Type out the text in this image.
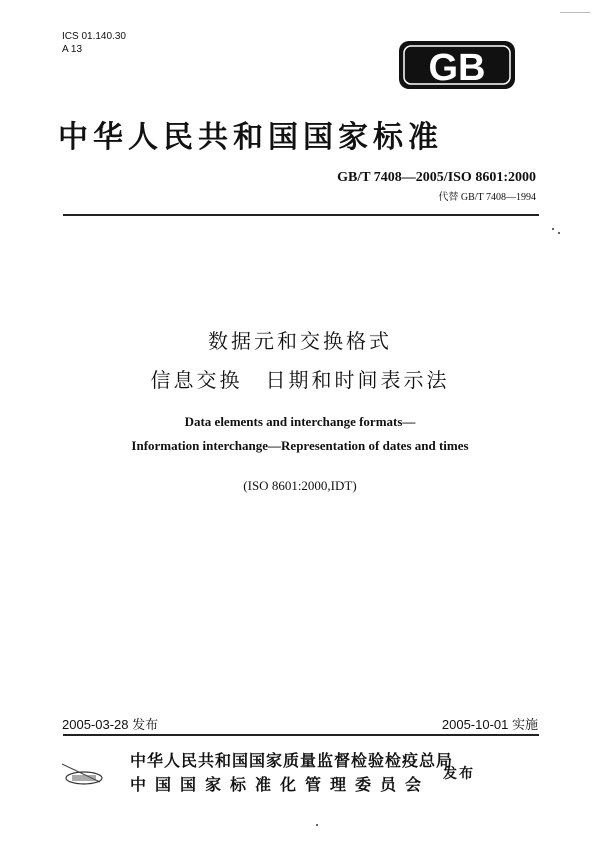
ICS 01.140.30
A 13	GB
中华人民共和国国家标准
GB/T 7408—2005/ISO 8601:2000
代替 GB/T 7408—1994
数据元和交换格式
信息交换　日期和时间表示法
Data elements and interchange formats—
Information interchange—Representation of dates and times
(ISO 8601:2000,IDT)
2005-03-28 发布	2005-10-01 实施
中华人民共和国国家质量监督检验检疫总局
中国国家标准化管理委员会
发布
